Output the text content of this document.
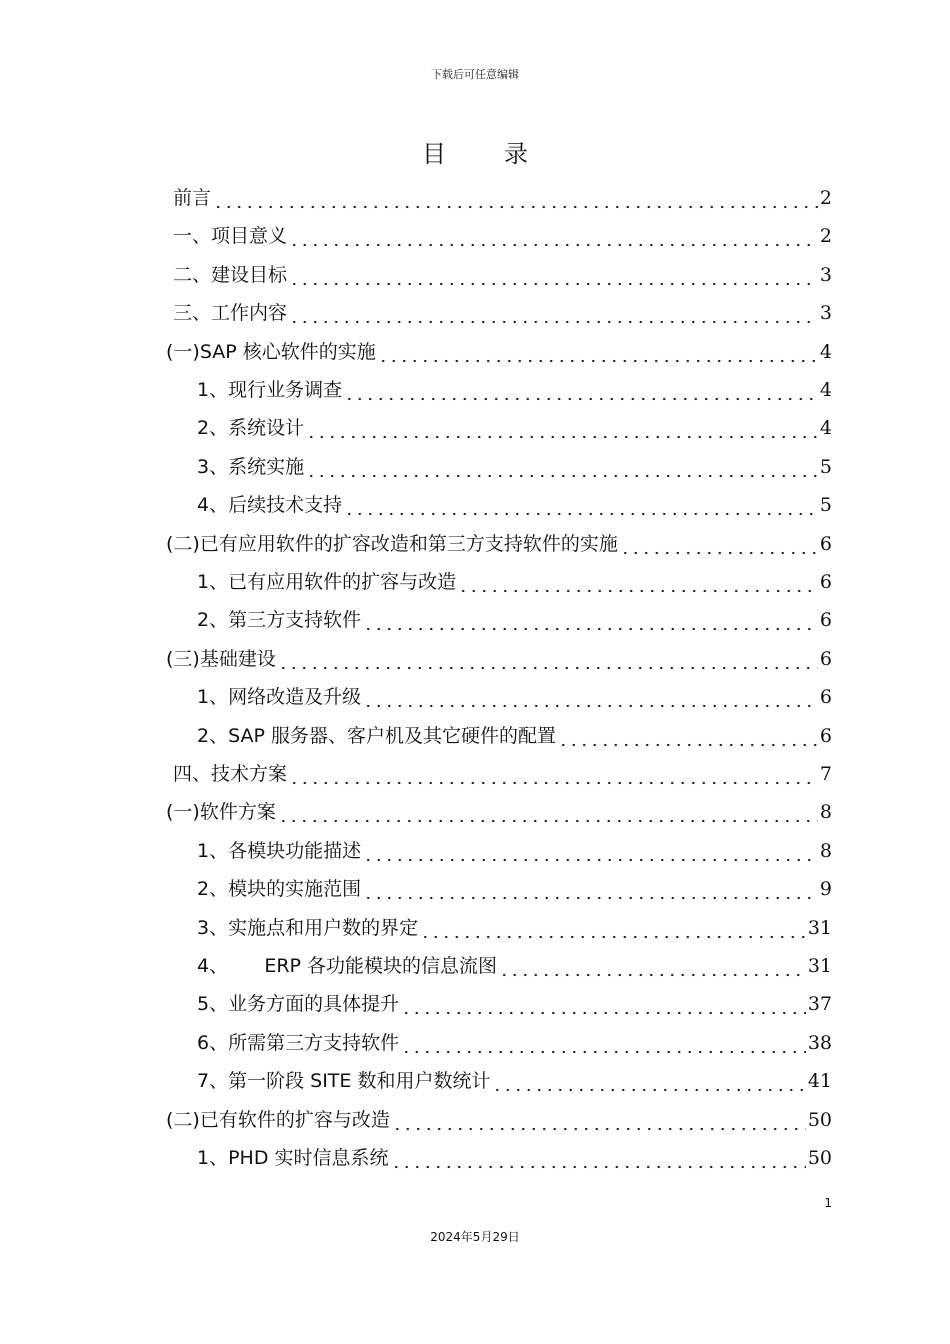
下载后可任意编辑
目 录
前言	2
一、项目意义	2
二、建设目标	3
三、工作内容	3
(一)SAP 核心软件的实施	4
1、现行业务调查	4
2、系统设计	4
3、系统实施	5
4、后续技术支持	5
(二)已有应用软件的扩容改造和第三方支持软件的实施	6
1、已有应用软件的扩容与改造	6
2、第三方支持软件	6
(三)基础建设	6
1、网络改造及升级	6
2、SAP 服务器、客户机及其它硬件的配置	6
四、技术方案	7
(一)软件方案	8
1、各模块功能描述	8
2、模块的实施范围	9
3、实施点和用户数的界定	31
4、      ERP 各功能模块的信息流图	31
5、业务方面的具体提升	37
6、所需第三方支持软件	38
7、第一阶段 SITE 数和用户数统计	41
(二)已有软件的扩容与改造	50
1、PHD 实时信息系统	50
1
2024年5月29日
